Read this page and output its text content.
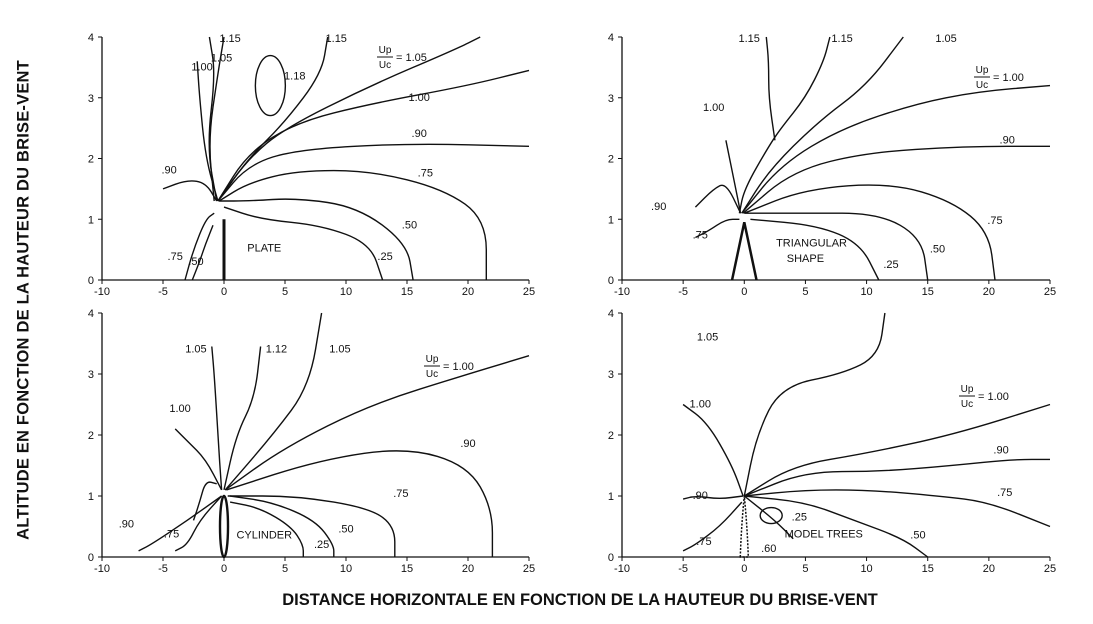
ALTITUDE EN FONCTION DE LA HAUTEUR DU BRISE-VENT
DISTANCE HORIZONTALE EN FONCTION DE LA HAUTEUR DU BRISE-VENT
-10	-5	0	5	10	15	20	25
0
1
2
3
4
Up
Uc
= 1.05
1.15
1.05
1.00
1.18
1.15
1.00
.90
.90	.75
.50
.25
.75 .50
PLATE
-10	-5	0	5	10	15	20	25
0
1
2
3
4
Up
Uc
= 1.00
1.15	1.15	1.05
1.00
.90
.90
.75
.75
.50
.25
TRIANGULAR
SHAPE
-10	-5	0	5	10	15	20	25
0
1
2
3
4
Up
Uc
= 1.00
1.05	1.12	1.05
1.00
.90
.75
.50
.25
.90
.75	CYLINDER
-10	-5	0	5	10	15	20	25
0
1
2
3
4
Up
Uc
= 1.00
1.05
1.00
.90
.90	.75
.50
.25
.75
.60
MODEL TREES
